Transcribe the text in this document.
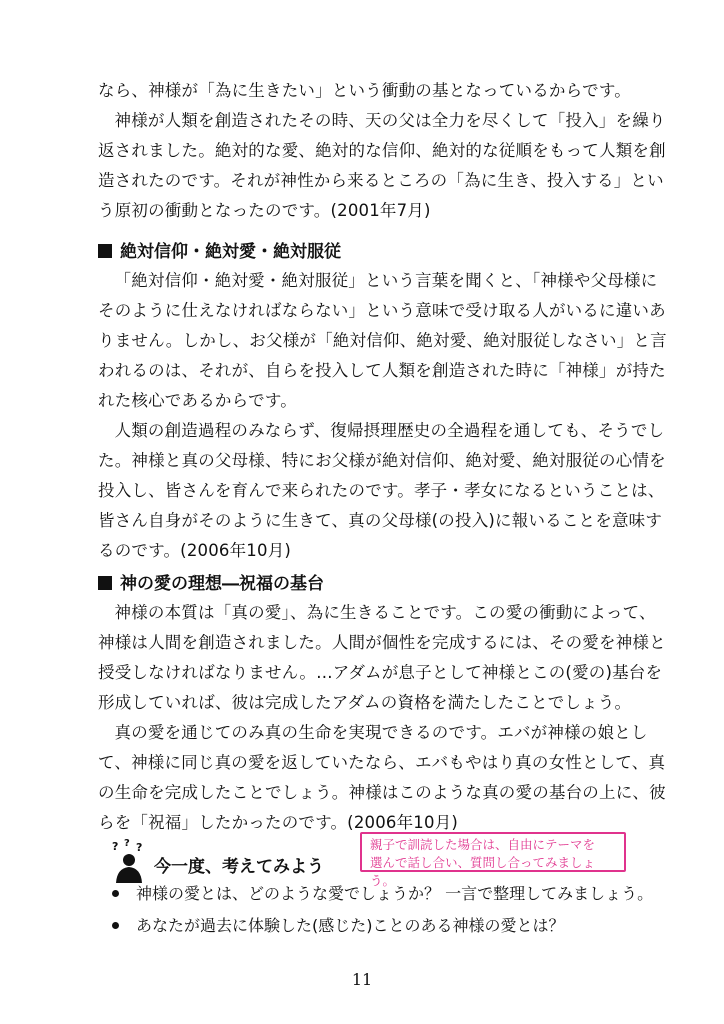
なら、神様が「為に生きたい」という衝動の基となっているからです。
神様が人類を創造されたその時、天の父は全力を尽くして「投入」を繰り返されました。絶対的な愛、絶対的な信仰、絶対的な従順をもって人類を創造されたのです。それが神性から来るところの「為に生き、投入する」という原初の衝動となったのです。(2001年7月)
絶対信仰・絶対愛・絶対服従
「絶対信仰・絶対愛・絶対服従」という言葉を聞くと、「神様や父母様にそのように仕えなければならない」という意味で受け取る人がいるに違いありません。しかし、お父様が「絶対信仰、絶対愛、絶対服従しなさい」と言われるのは、それが、自らを投入して人類を創造された時に「神様」が持たれた核心であるからです。
人類の創造過程のみならず、復帰摂理歴史の全過程を通しても、そうでした。神様と真の父母様、特にお父様が絶対信仰、絶対愛、絶対服従の心情を投入し、皆さんを育んで来られたのです。孝子・孝女になるということは、皆さん自身がそのように生きて、真の父母様(の投入)に報いることを意味するのです。(2006年10月)
神の愛の理想―祝福の基台
神様の本質は「真の愛」、為に生きることです。この愛の衝動によって、神様は人間を創造されました。人間が個性を完成するには、その愛を神様と授受しなければなりません。…アダムが息子として神様とこの(愛の)基台を形成していれば、彼は完成したアダムの資格を満たしたことでしょう。
真の愛を通じてのみ真の生命を実現できるのです。エバが神様の娘として、神様に同じ真の愛を返していたなら、エバもやはり真の女性として、真の生命を完成したことでしょう。神様はこのような真の愛の基台の上に、彼らを「祝福」したかったのです。(2006年10月)
? ? ?
今一度、考えてみよう
親子で訓読した場合は、自由にテーマを
選んで話し合い、質問し合ってみましょう。
神様の愛とは、どのような愛でしょうか？ 一言で整理してみましょう。
あなたが過去に体験した(感じた)ことのある神様の愛とは？
11
